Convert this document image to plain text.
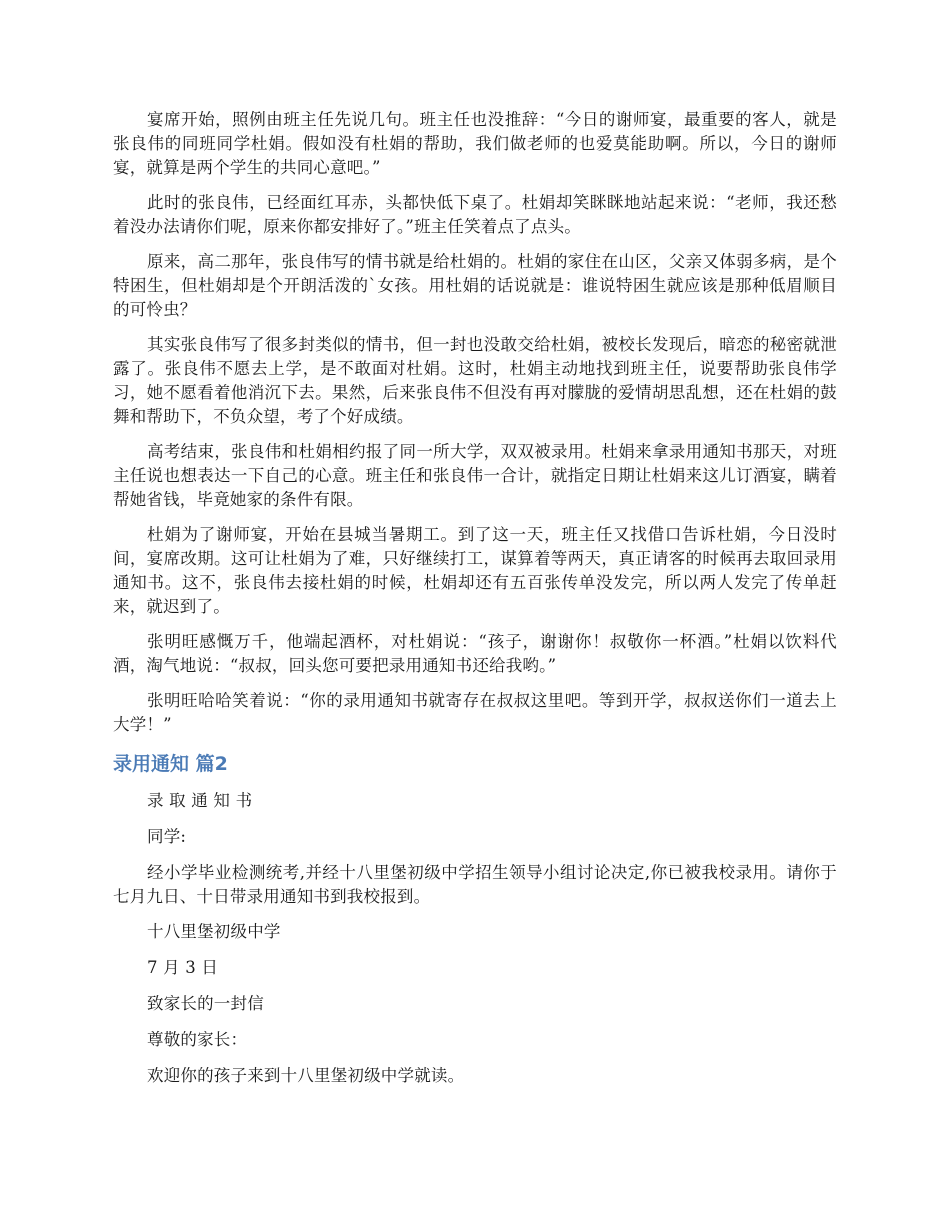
宴席开始，照例由班主任先说几句。班主任也没推辞：“今日的谢师宴，最重要的客人，就是张良伟的同班同学杜娟。假如没有杜娟的帮助，我们做老师的也爱莫能助啊。所以，今日的谢师宴，就算是两个学生的共同心意吧。”

此时的张良伟，已经面红耳赤，头都快低下桌了。杜娟却笑眯眯地站起来说：“老师，我还愁着没办法请你们呢，原来你都安排好了。”班主任笑着点了点头。

原来，高二那年，张良伟写的情书就是给杜娟的。杜娟的家住在山区，父亲又体弱多病，是个特困生，但杜娟却是个开朗活泼的`女孩。用杜娟的话说就是：谁说特困生就应该是那种低眉顺目的可怜虫？

其实张良伟写了很多封类似的情书，但一封也没敢交给杜娟，被校长发现后，暗恋的秘密就泄露了。张良伟不愿去上学，是不敢面对杜娟。这时，杜娟主动地找到班主任，说要帮助张良伟学习，她不愿看着他消沉下去。果然，后来张良伟不但没有再对朦胧的爱情胡思乱想，还在杜娟的鼓舞和帮助下，不负众望，考了个好成绩。

高考结束，张良伟和杜娟相约报了同一所大学，双双被录用。杜娟来拿录用通知书那天，对班主任说也想表达一下自己的心意。班主任和张良伟一合计，就指定日期让杜娟来这儿订酒宴，瞒着帮她省钱，毕竟她家的条件有限。

杜娟为了谢师宴，开始在县城当暑期工。到了这一天，班主任又找借口告诉杜娟，今日没时间，宴席改期。这可让杜娟为了难，只好继续打工，谋算着等两天，真正请客的时候再去取回录用通知书。这不，张良伟去接杜娟的时候，杜娟却还有五百张传单没发完，所以两人发完了传单赶来，就迟到了。

张明旺感慨万千，他端起酒杯，对杜娟说：“孩子，谢谢你！叔敬你一杯酒。”杜娟以饮料代酒，淘气地说：“叔叔，回头您可要把录用通知书还给我哟。”

张明旺哈哈笑着说：“你的录用通知书就寄存在叔叔这里吧。等到开学，叔叔送你们一道去上大学！”

录用通知 篇2

录 取 通 知 书

同学:

经小学毕业检测统考,并经十八里堡初级中学招生领导小组讨论决定,你已被我校录用。请你于七月九日、十日带录用通知书到我校报到。

十八里堡初级中学

7 月 3 日

致家长的一封信

尊敬的家长：

欢迎你的孩子来到十八里堡初级中学就读。
